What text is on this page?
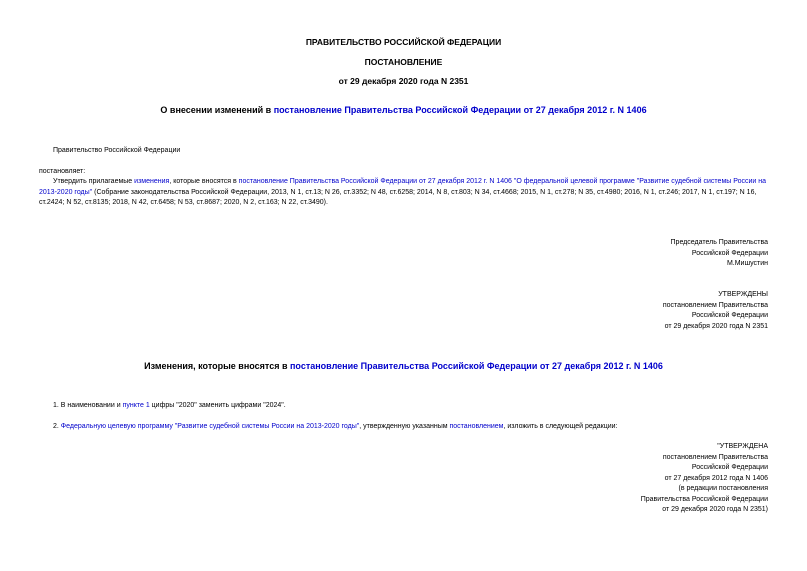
ПРАВИТЕЛЬСТВО РОССИЙСКОЙ ФЕДЕРАЦИИ
ПОСТАНОВЛЕНИЕ
от 29 декабря 2020 года N 2351
О внесении изменений в постановление Правительства Российской Федерации от 27 декабря 2012 г. N 1406
Правительство Российской Федерации
постановляет:
Утвердить прилагаемые изменения, которые вносятся в постановление Правительства Российской Федерации от 27 декабря 2012 г. N 1406 "О федеральной целевой программе "Развитие судебной системы России на 2013-2020 годы" (Собрание законодательства Российской Федерации, 2013, N 1, ст.13; N 26, ст.3352; N 48, ст.6258; 2014, N 8, ст.803; N 34, ст.4668; 2015, N 1, ст.278; N 35, ст.4980; 2016, N 1, ст.246; 2017, N 1, ст.197; N 16, ст.2424; N 52, ст.8135; 2018, N 42, ст.6458; N 53, ст.8687; 2020, N 2, ст.163; N 22, ст.3490).
Председатель Правительства
Российской Федерации
М.Мишустин
УТВЕРЖДЕНЫ
постановлением Правительства
Российской Федерации
от 29 декабря 2020 года N 2351
Изменения, которые вносятся в постановление Правительства Российской Федерации от 27 декабря 2012 г. N 1406
1. В наименовании и пункте 1 цифры "2020" заменить цифрами "2024".
2. Федеральную целевую программу "Развитие судебной системы России на 2013-2020 годы", утвержденную указанным постановлением, изложить в следующей редакции:
"УТВЕРЖДЕНА
постановлением Правительства
Российской Федерации
от 27 декабря 2012 года N 1406
(в редакции постановления
Правительства Российской Федерации
от 29 декабря 2020 года N 2351)
